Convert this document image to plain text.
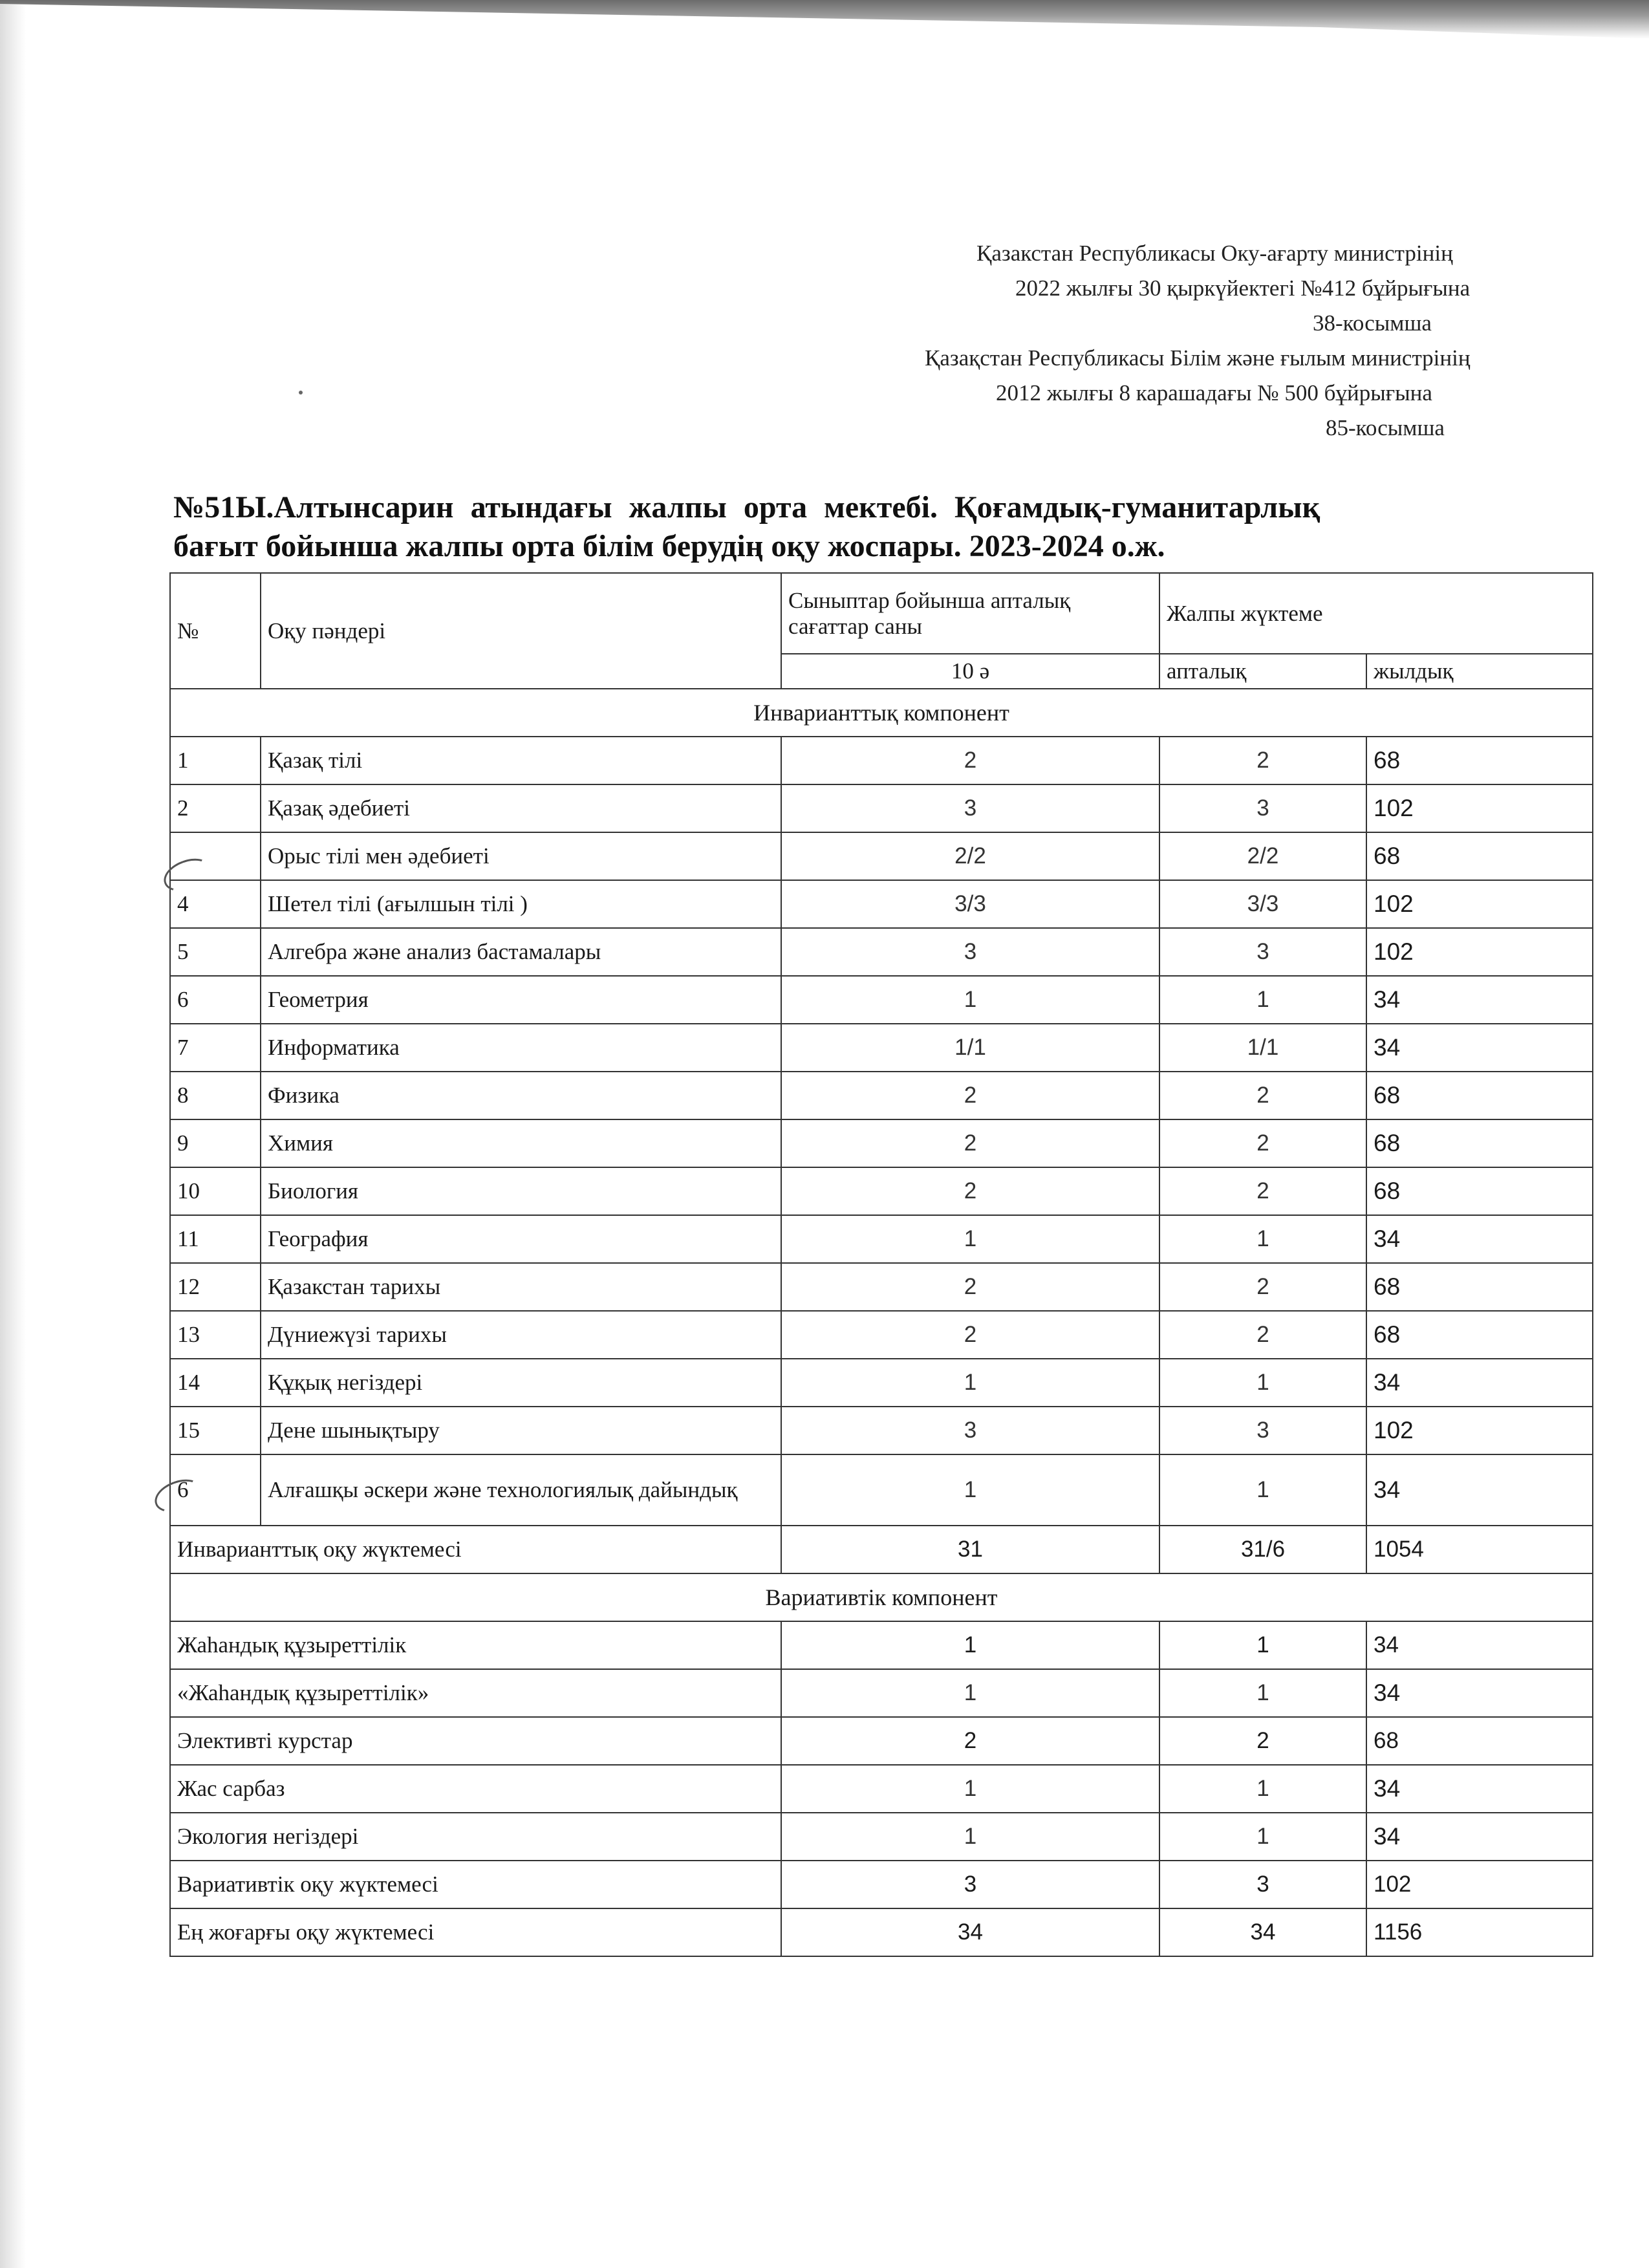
Қазакстан Республикасы Оку-ағарту министрінің
2022 жылғы 30 қыркүйектегі №412 бұйрығына
38-косымша
Қазақстан Республикасы Білім және ғылым министрінің
2012 жылғы 8 карашадағы № 500 бұйрығына
85-косымша
№51Ы.Алтынсарин атындағы жалпы орта мектебі. Қоғамдық-гуманитарлық
бағыт бойынша жалпы орта білім берудің оқу жоспары. 2023-2024 о.ж.
№	Оқу пәндері	Сыныптар бойынша апталық сағаттар саны	Жалпы жүктеме	
		10 ә	апталық	жылдық
Инварианттық компонент				
1	Қазақ тілі	2	2	68
2	Қазақ әдебиеті	3	3	102
	Орыс тілі мен әдебиеті	2/2	2/2	68
4	Шетел тілі (ағылшын тілі )	3/3	3/3	102
5	Алгебра және анализ бастамалары	3	3	102
6	Геометрия	1	1	34
7	Информатика	1/1	1/1	34
8	Физика	2	2	68
9	Химия	2	2	68
10	Биология	2	2	68
11	География	1	1	34
12	Қазакстан тарихы	2	2	68
13	Дүниежүзі тарихы	2	2	68
14	Құқық негіздері	1	1	34
15	Дене шынықтыру	3	3	102
6	Алғашқы әскери және технологиялық дайындық	1	1	34
Инварианттық оқу жүктемесі		31	31/6	1054
Вариативтік компонент				
Жаһандық құзыреттілік		1	1	34
«Жаһандық құзыреттілік»		1	1	34
Элективті курстар		2	2	68
Жас сарбаз		1	1	34
Экология негіздері		1	1	34
Вариативтік оқу жүктемесі		3	3	102
Ең жоғарғы оқу жүктемесі		34	34	1156
